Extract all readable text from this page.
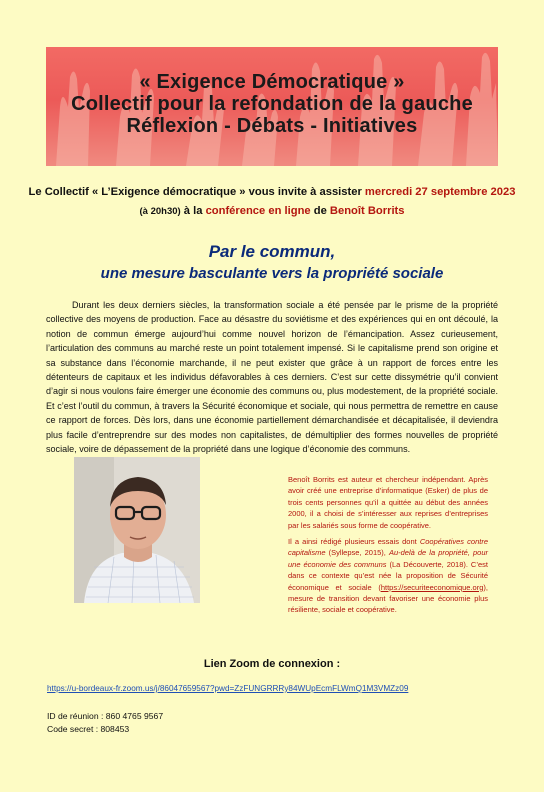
« Exigence Démocratique »
Collectif pour la refondation de la gauche
Réflexion - Débats - Initiatives
Le Collectif « L’Exigence démocratique » vous invite à assister mercredi 27 septembre 2023
(à 20h30) à la conférence en ligne de Benoît Borrits
Par le commun,
une mesure basculante vers la propriété sociale

Durant les deux derniers siècles, la transformation sociale a été pensée par le prisme de la propriété collective des moyens de production. Face au désastre du soviétisme et des expériences qui en ont découlé, la notion de commun émerge aujourd’hui comme nouvel horizon de l’émancipation. Assez curieusement, l’articulation des communs au marché reste un point totalement impensé. Si le capitalisme prend son origine et sa substance dans l’économie marchande, il ne peut exister que grâce à un rapport de forces entre les détenteurs de capitaux et les individus défavorables à ces derniers. C’est sur cette dissymétrie qu’il convient d’agir si nous voulons faire émerger une économie des communs ou, plus modestement, de la propriété sociale. Et c’est l’outil du commun, à travers la Sécurité économique et sociale, qui nous permettra de remettre en cause ce rapport de forces. Dès lors, dans une économie partiellement démarchandisée et décapitalisée, il deviendra plus facile d’entreprendre sur des modes non capitalistes, de démultiplier des formes nouvelles de propriété sociale, voire de dépassement de la propriété dans une logique d’économie des communs.

Benoît Borrits est auteur et chercheur indépendant. Après avoir créé une entreprise d’informatique (Esker) de plus de trois cents personnes qu’il a quittée au début des années 2000, il a choisi de s’intéresser aux reprises d’entreprises par les salariés sous forme de coopérative.

Il a ainsi rédigé plusieurs essais dont Coopératives contre capitalisme (Syllepse, 2015), Au-delà de la propriété, pour une économie des communs (La Découverte, 2018). C’est dans ce contexte qu’est née la proposition de Sécurité économique et sociale (https://securiteeconomique.org), mesure de transition devant favoriser une économie plus résiliente, sociale et coopérative.

Lien Zoom de connexion :
https://u-bordeaux-fr.zoom.us/j/86047659567?pwd=ZzFUNGRRRy84WUpEcmFLWmQ1M3VMZz09
ID de réunion : 860 4765 9567
Code secret : 808453
